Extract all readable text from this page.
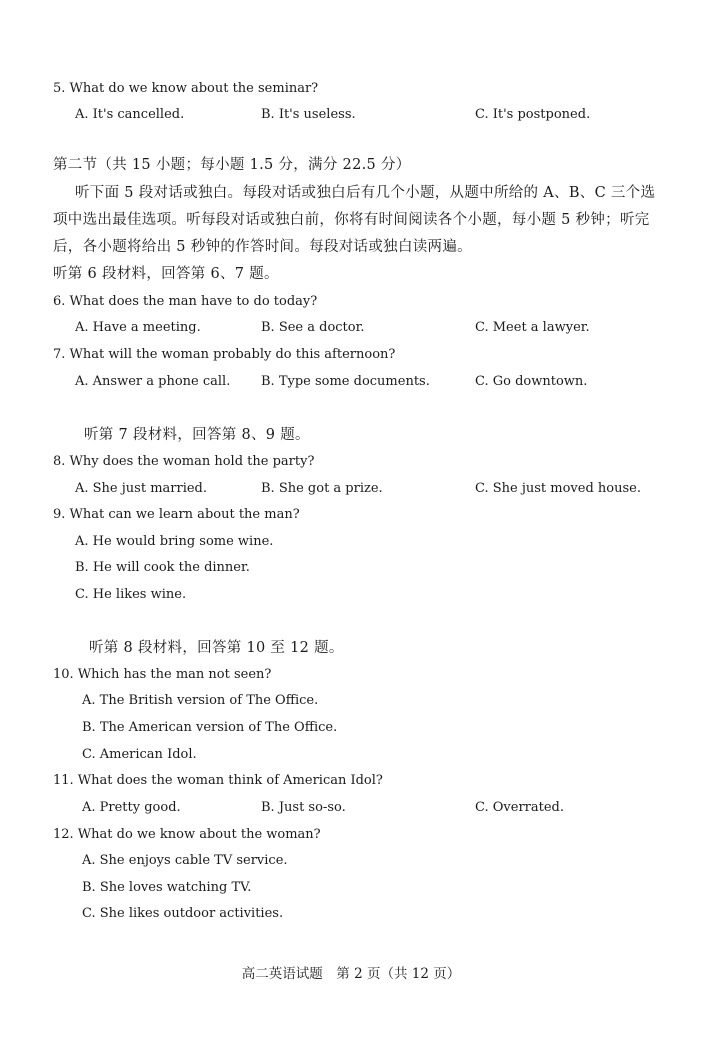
5. What do we know about the seminar?
A. It's cancelled.	B. It's useless.	C. It's postponed.
第二节（共 15 小题；每小题 1.5 分，满分 22.5 分）
听下面 5 段对话或独白。每段对话或独白后有几个小题，从题中所给的 A、B、C 三个选
项中选出最佳选项。听每段对话或独白前，你将有时间阅读各个小题，每小题 5 秒钟；听完
后，各小题将给出 5 秒钟的作答时间。每段对话或独白读两遍。
听第 6 段材料，回答第 6、7 题。
6. What does the man have to do today?
A. Have a meeting.	B. See a doctor.	C. Meet a lawyer.
7. What will the woman probably do this afternoon?
A. Answer a phone call. B. Type some documents.	C. Go downtown.
听第 7 段材料，回答第 8、9 题。
8. Why does the woman hold the party?
A. She just married.	B. She got a prize.	C. She just moved house.
9. What can we learn about the man?
A. He would bring some wine.
B. He will cook the dinner.
C. He likes wine.
听第 8 段材料，回答第 10 至 12 题。
10. Which has the man not seen?
A. The British version of The Office.
B. The American version of The Office.
C. American Idol.
11. What does the woman think of American Idol?
A. Pretty good.	B. Just so-so.	C. Overrated.
12. What do we know about the woman?
A. She enjoys cable TV service.
B. She loves watching TV.
C. She likes outdoor activities.
高二英语试题　第 2 页（共 12 页）
